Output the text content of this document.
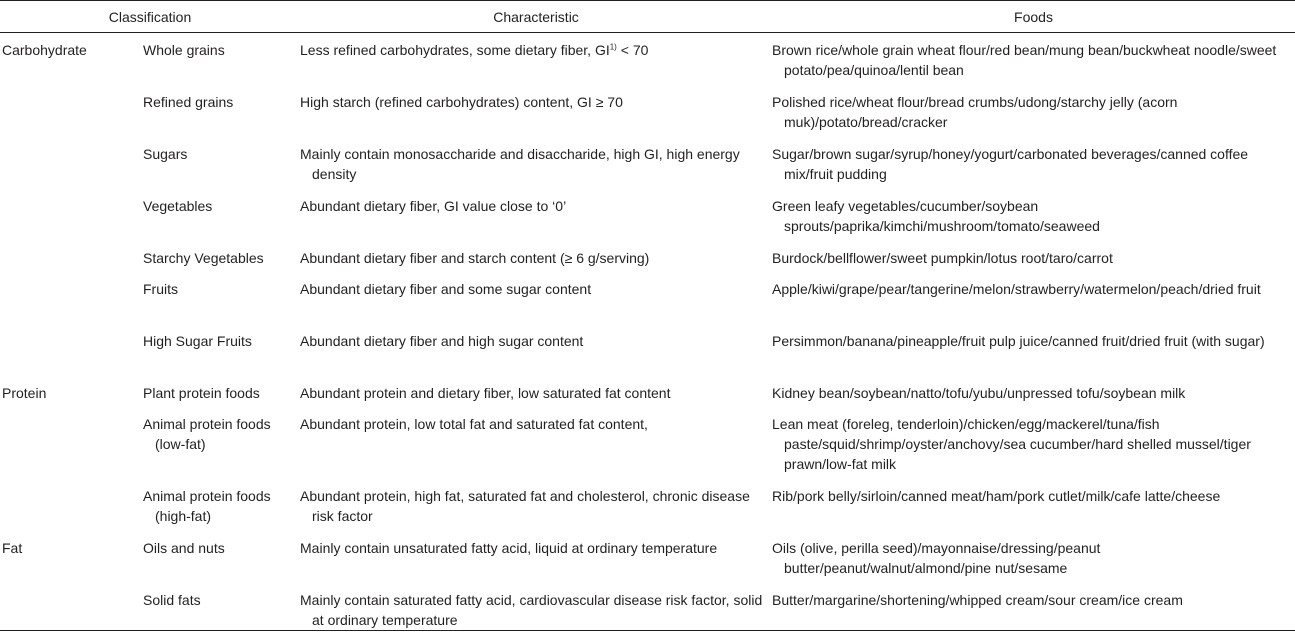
Classification		Characteristic	Foods
Carbohydrate	Whole grains	Less refined carbohydrates, some dietary fiber, $GI^{1)} < 70$	Brown rice/whole grain wheat flour/red bean/mung bean/buckwheat noodle/sweet potato/pea/quinoa/lentil bean

	Refined grains	High starch (refined carbohydrates) content, GI ≥ 70	Polished rice/wheat flour/bread crumbs/udong/starchy jelly (acorn muk)/potato/bread/cracker

	Sugars	Mainly contain monosaccharide and disaccharide, high GI, high energy density	Sugar/brown sugar/syrup/honey/yogurt/carbonated beverages/canned coffee mix/fruit pudding

	Vegetables	Abundant dietary fiber, GI value close to ‘0’	Green leafy vegetables/cucumber/soybean sprouts/paprika/kimchi/mushroom/tomato/seaweed

	Starchy Vegetables	Abundant dietary fiber and starch content (≥ 6 g/serving)	Burdock/bellflower/sweet pumpkin/lotus root/taro/carrot

	Fruits	Abundant dietary fiber and some sugar content	Apple/kiwi/grape/pear/tangerine/melon/strawberry/watermelon/peach/dried fruit

	High Sugar Fruits	Abundant dietary fiber and high sugar content	Persimmon/banana/pineapple/fruit pulp juice/canned fruit/dried fruit (with sugar)

Protein	Plant protein foods	Abundant protein and dietary fiber, low saturated fat content	Kidney bean/soybean/natto/tofu/yubu/unpressed tofu/soybean milk

	Animal protein foods (low-fat)	Abundant protein, low total fat and saturated fat content,	Lean meat (foreleg, tenderloin)/chicken/egg/mackerel/tuna/fish paste/squid/shrimp/oyster/anchovy/sea cucumber/hard shelled mussel/tiger prawn/low-fat milk

	Animal protein foods (high-fat)	Abundant protein, high fat, saturated fat and cholesterol, chronic disease risk factor	Rib/pork belly/sirloin/canned meat/ham/pork cutlet/milk/cafe latte/cheese

Fat	Oils and nuts	Mainly contain unsaturated fatty acid, liquid at ordinary temperature	Oils (olive, perilla seed)/mayonnaise/dressing/peanut butter/peanut/walnut/almond/pine nut/sesame

	Solid fats	Mainly contain saturated fatty acid, cardiovascular disease risk factor, solid at ordinary temperature	Butter/margarine/shortening/whipped cream/sour cream/ice cream
